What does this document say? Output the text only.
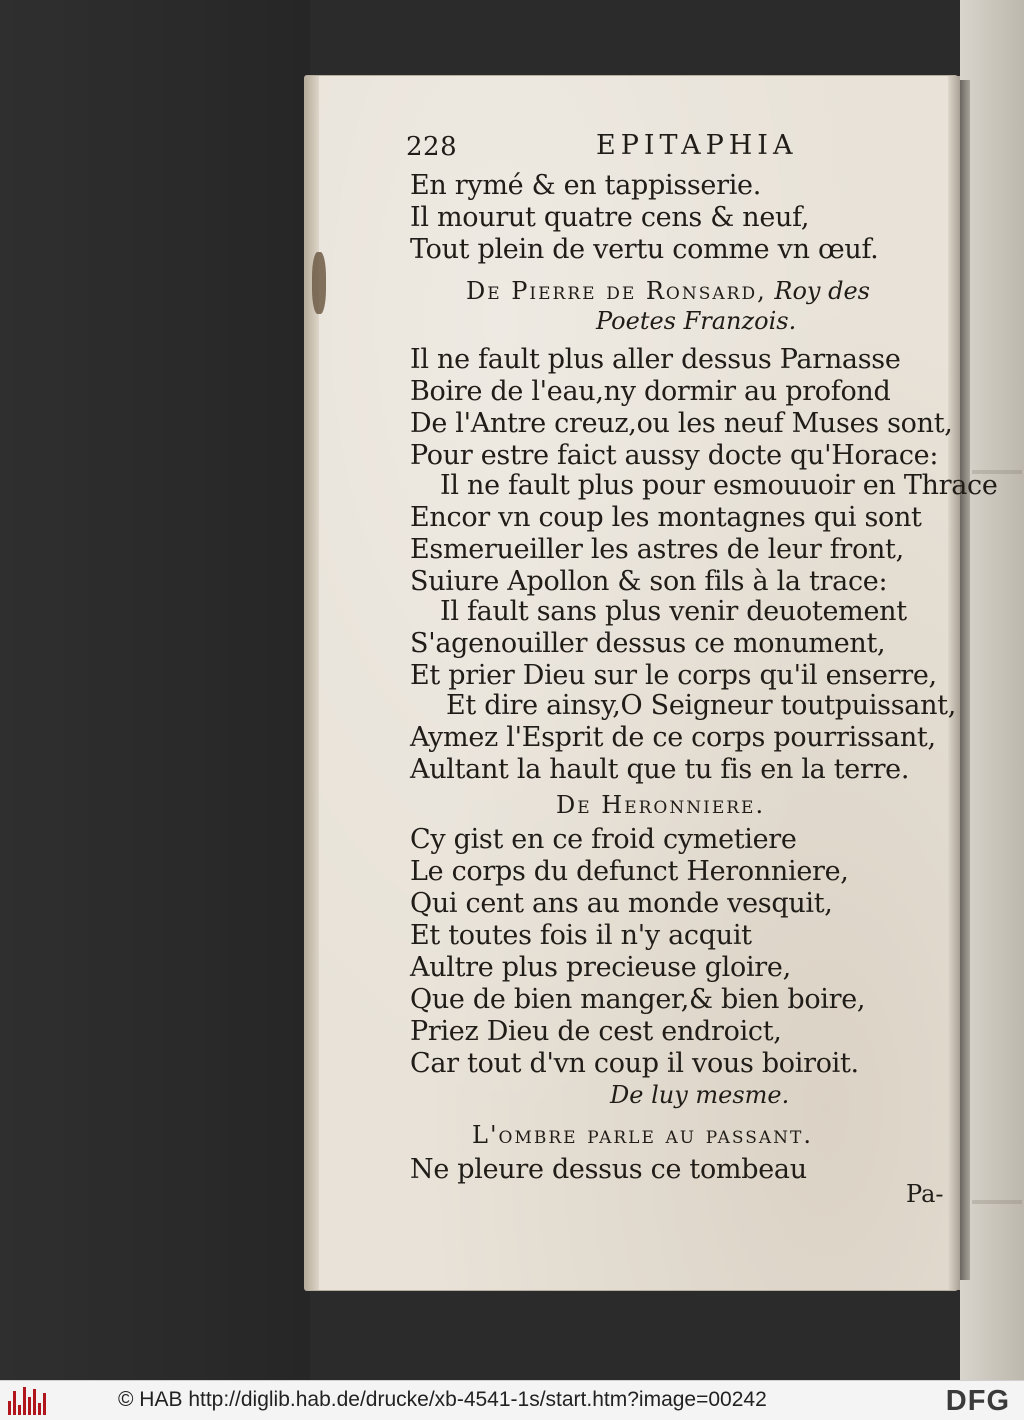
228	EPITAPHIA
En rymé & en tappisserie.
Il mourut quatre cens & neuf,
Tout plein de vertu comme vn œuf.
De Pierre de Ronsard, Roy des
Poetes Franzois.
Il ne fault plus aller dessus Parnasse
Boire de l'eau,ny dormir au profond
De l'Antre creuz,ou les neuf Muses sont,
Pour estre faict aussy docte qu'Horace:
Il ne fault plus pour esmouuoir en Thrace
Encor vn coup les montagnes qui sont
Esmerueiller les astres de leur front,
Suiure Apollon & son fils à la trace:
Il fault sans plus venir deuotement
S'agenouiller dessus ce monument,
Et prier Dieu sur le corps qu'il enserre,
Et dire ainsy,O Seigneur toutpuissant,
Aymez l'Esprit de ce corps pourrissant,
Aultant la hault que tu fis en la terre.
De Heronniere.
Cy gist en ce froid cymetiere
Le corps du defunct Heronniere,
Qui cent ans au monde vesquit,
Et toutes fois il n'y acquit
Aultre plus precieuse gloire,
Que de bien manger,& bien boire,
Priez Dieu de cest endroict,
Car tout d'vn coup il vous boiroit.
De luy mesme.
L'ombre parle au passant.
Ne pleure dessus ce tombeau
Pa-
© HAB http://diglib.hab.de/drucke/xb-4541-1s/start.htm?image=00242	DFG
